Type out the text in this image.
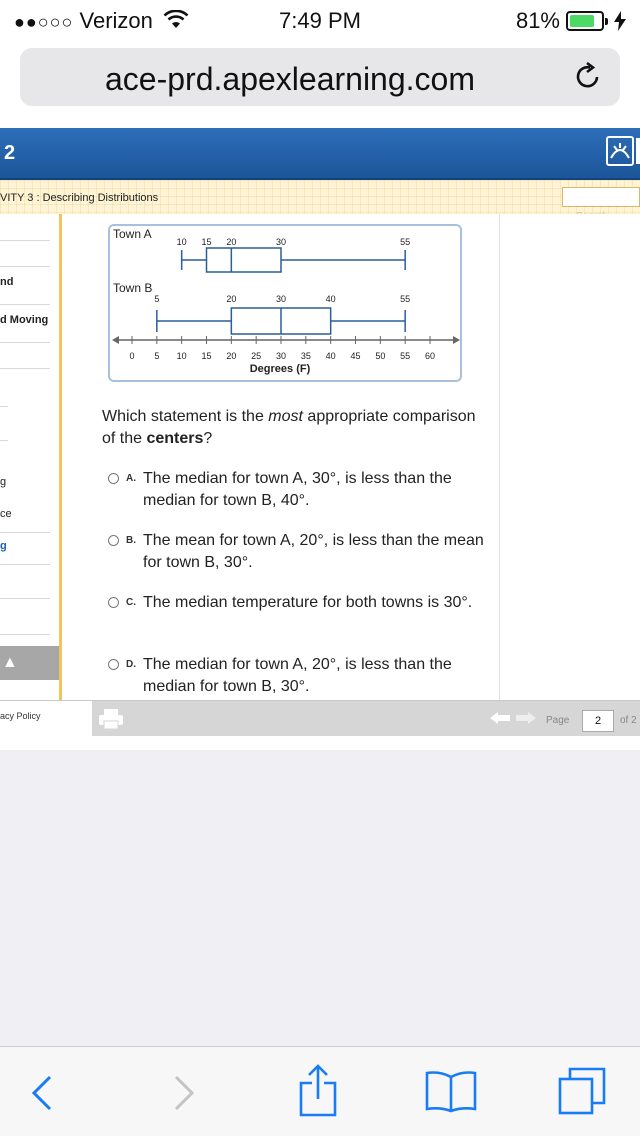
●●○○○ Verizon	7:49 PM	81%
ace-prd.apexlearning.com
2
VITY 3 : Describing Distributions
nd
d Moving
g
ce
g
▲
Town A
10 15 20	30	55
Town B
5	20	30	40	55
0 5 10 15 20 25 30 35 40 45 50 55 60
Degrees (F)
Which statement is the most appropriate comparison of the centers?
A. The median for town A, 30°, is less than the median for town B, 40°.
B. The mean for town A, 20°, is less than the mean for town B, 30°.
C. The median temperature for both towns is 30°.
D. The median for town A, 20°, is less than the median for town B, 30°.
acy Policy	Page	2	of 2
